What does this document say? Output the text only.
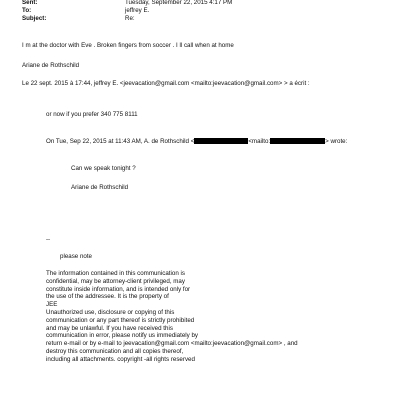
Sent:	Tuesday, September 22, 2015 4:17 PM
To:	jeffrey E.
Subject:	Re:
I m at the doctor with Eve . Broken fingers from soccer . I ll call when at home
Ariane de Rothschild
Le 22 sept. 2015 à 17:44, jeffrey E. <jeevacation@gmail.com <mailto:jeevacation@gmail.com> > a écrit :
or now if you prefer 340 775 8111
On Tue, Sep 22, 2015 at 11:43 AM, A. de Rothschild <	<mailto:	> wrote:
Can we speak tonight ?
Ariane de Rothschild
--
please note
The information contained in this communication is
confidential, may be attorney-client privileged, may
constitute inside information, and is intended only for
the use of the addressee. It is the property of
JEE
Unauthorized use, disclosure or copying of this
communication or any part thereof is strictly prohibited
and may be unlawful. If you have received this
communication in error, please notify us immediately by
return e-mail or by e-mail to jeevacation@gmail.com <mailto:jeevacation@gmail.com> , and
destroy this communication and all copies thereof,
including all attachments. copyright -all rights reserved
